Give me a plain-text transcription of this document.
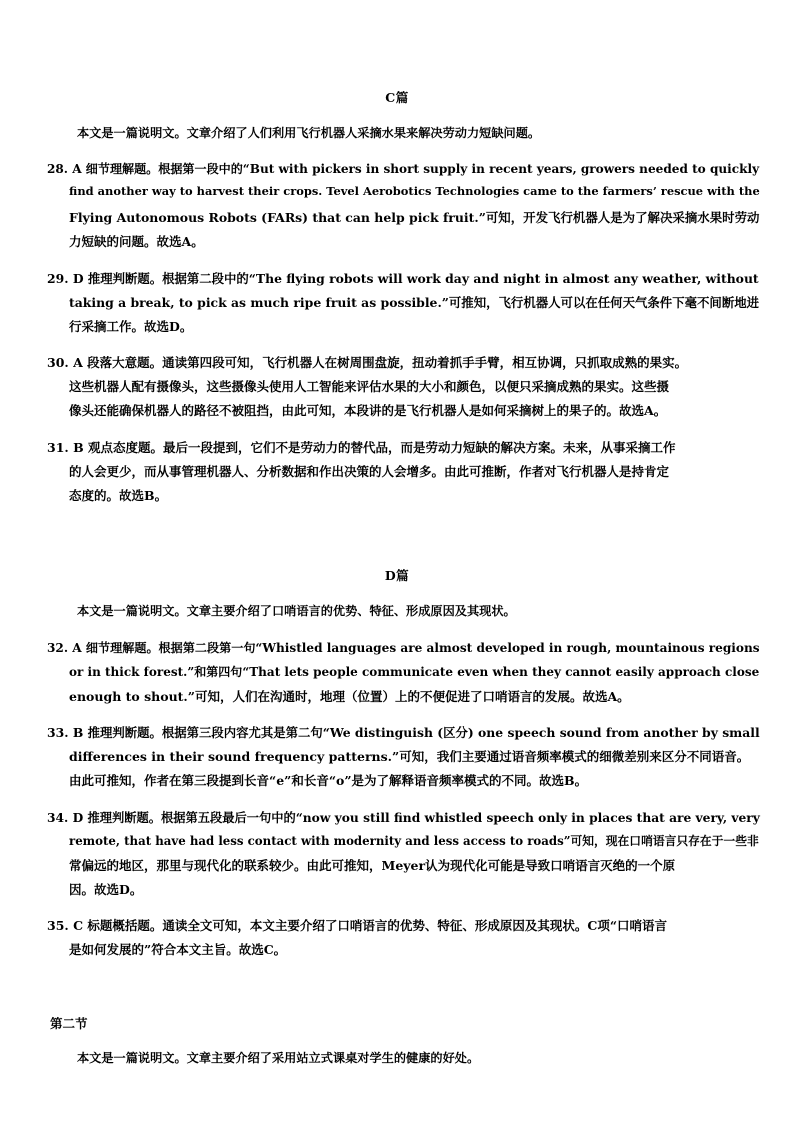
C篇
本文是一篇说明文。文章介绍了人们利用飞行机器人采摘水果来解决劳动力短缺问题。
28. A 细节理解题。根据第一段中的“But with pickers in short supply in recent years, growers needed to quickly
find another way to harvest their crops. Tevel Aerobotics Technologies came to the farmers’ rescue with the
Flying Autonomous Robots (FARs) that can help pick fruit.”可知，开发飞行机器人是为了解决采摘水果时劳动
力短缺的问题。故选A。
29. D 推理判断题。根据第二段中的“The flying robots will work day and night in almost any weather, without
taking a break, to pick as much ripe fruit as possible.”可推知，飞行机器人可以在任何天气条件下毫不间断地进
行采摘工作。故选D。
30. A 段落大意题。通读第四段可知，飞行机器人在树周围盘旋，扭动着抓手手臂，相互协调，只抓取成熟的果实。
这些机器人配有摄像头，这些摄像头使用人工智能来评估水果的大小和颜色，以便只采摘成熟的果实。这些摄
像头还能确保机器人的路径不被阻挡，由此可知，本段讲的是飞行机器人是如何采摘树上的果子的。故选A。
31. B 观点态度题。最后一段提到，它们不是劳动力的替代品，而是劳动力短缺的解决方案。未来，从事采摘工作
的人会更少，而从事管理机器人、分析数据和作出决策的人会增多。由此可推断，作者对飞行机器人是持肯定
态度的。故选B。
D篇
本文是一篇说明文。文章主要介绍了口哨语言的优势、特征、形成原因及其现状。
32. A 细节理解题。根据第二段第一句“Whistled languages are almost developed in rough, mountainous regions
or in thick forest.”和第四句“That lets people communicate even when they cannot easily approach close
enough to shout.”可知，人们在沟通时，地理（位置）上的不便促进了口哨语言的发展。故选A。
33. B 推理判断题。根据第三段内容尤其是第二句“We distinguish (区分) one speech sound from another by small
differences in their sound frequency patterns.”可知，我们主要通过语音频率模式的细微差别来区分不同语音。
由此可推知，作者在第三段提到长音“e”和长音“o”是为了解释语音频率模式的不同。故选B。
34. D 推理判断题。根据第五段最后一句中的“now you still find whistled speech only in places that are very, very
remote, that have had less contact with modernity and less access to roads”可知，现在口哨语言只存在于一些非
常偏远的地区，那里与现代化的联系较少。由此可推知，Meyer认为现代化可能是导致口哨语言灭绝的一个原
因。故选D。
35. C 标题概括题。通读全文可知，本文主要介绍了口哨语言的优势、特征、形成原因及其现状。C项“口哨语言
是如何发展的”符合本文主旨。故选C。
第二节
本文是一篇说明文。文章主要介绍了采用站立式课桌对学生的健康的好处。
